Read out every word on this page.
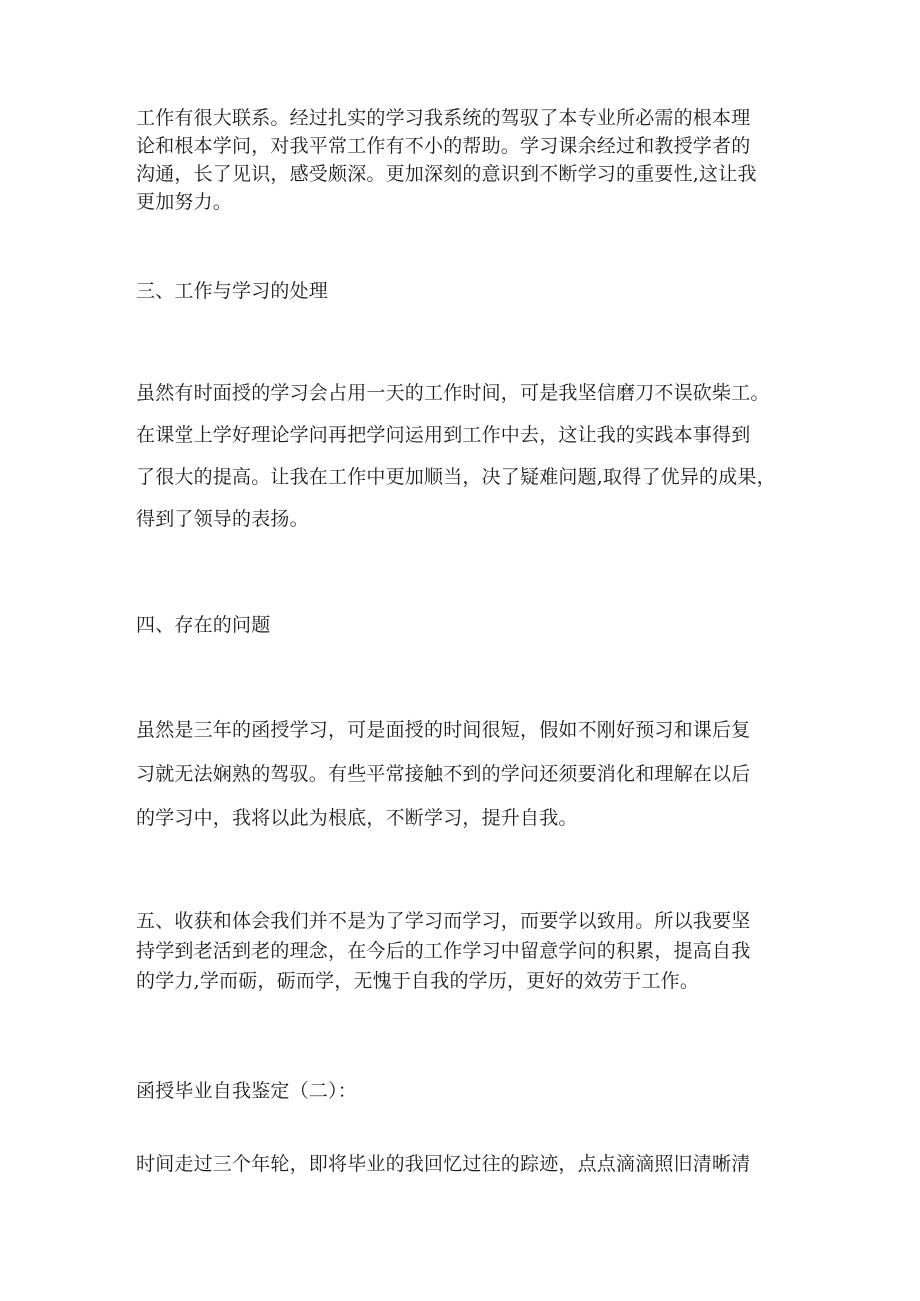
工作有很大联系。经过扎实的学习我系统的驾驭了本专业所必需的根本理
论和根本学问，对我平常工作有不小的帮助。学习课余经过和教授学者的
沟通，长了见识，感受颇深。更加深刻的意识到不断学习的重要性,这让我
更加努力。
三、工作与学习的处理
虽然有时面授的学习会占用一天的工作时间，可是我坚信磨刀不误砍柴工。
在课堂上学好理论学问再把学问运用到工作中去，这让我的实践本事得到
了很大的提高。让我在工作中更加顺当，决了疑难问题,取得了优异的成果，
得到了领导的表扬。
四、存在的问题
虽然是三年的函授学习，可是面授的时间很短，假如不刚好预习和课后复
习就无法娴熟的驾驭。有些平常接触不到的学问还须要消化和理解在以后
的学习中，我将以此为根底，不断学习，提升自我。
五、收获和体会我们并不是为了学习而学习，而要学以致用。所以我要坚
持学到老活到老的理念，在今后的工作学习中留意学问的积累，提高自我
的学力,学而砺，砺而学，无愧于自我的学历，更好的效劳于工作。
函授毕业自我鉴定（二）：
时间走过三个年轮，即将毕业的我回忆过往的踪迹，点点滴滴照旧清晰清
